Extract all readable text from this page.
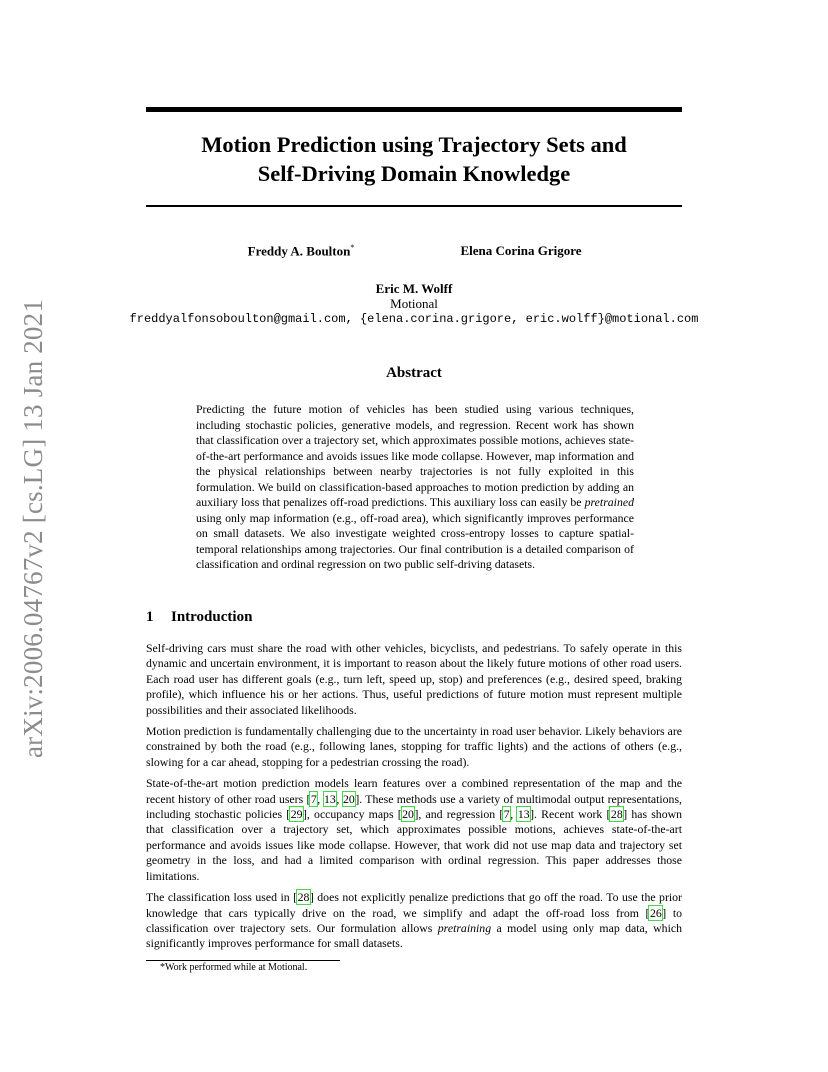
arXiv:2006.04767v2 [cs.LG] 13 Jan 2021
Motion Prediction using Trajectory Sets and
Self-Driving Domain Knowledge
Freddy A. Boulton*	Elena Corina Grigore
Eric M. Wolff
Motional
freddyalfonsoboulton@gmail.com, {elena.corina.grigore, eric.wolff}@motional.com
Abstract
Predicting the future motion of vehicles has been studied using various techniques, including stochastic policies, generative models, and regression. Recent work has shown that classification over a trajectory set, which approximates possible motions, achieves state-of-the-art performance and avoids issues like mode collapse. However, map information and the physical relationships between nearby trajectories is not fully exploited in this formulation. We build on classification-based approaches to motion prediction by adding an auxiliary loss that penalizes off-road predictions. This auxiliary loss can easily be pretrained using only map information (e.g., off-road area), which significantly improves performance on small datasets. We also investigate weighted cross-entropy losses to capture spatial-temporal relationships among trajectories. Our final contribution is a detailed comparison of classification and ordinal regression on two public self-driving datasets.
1 Introduction

Self-driving cars must share the road with other vehicles, bicyclists, and pedestrians. To safely operate in this dynamic and uncertain environment, it is important to reason about the likely future motions of other road users. Each road user has different goals (e.g., turn left, speed up, stop) and preferences (e.g., desired speed, braking profile), which influence his or her actions. Thus, useful predictions of future motion must represent multiple possibilities and their associated likelihoods.

Motion prediction is fundamentally challenging due to the uncertainty in road user behavior. Likely behaviors are constrained by both the road (e.g., following lanes, stopping for traffic lights) and the actions of others (e.g., slowing for a car ahead, stopping for a pedestrian crossing the road).

State-of-the-art motion prediction models learn features over a combined representation of the map and the recent history of other road users [7, 13, 20]. These methods use a variety of multimodal output representations, including stochastic policies [29], occupancy maps [20], and regression [7, 13]. Recent work [28] has shown that classification over a trajectory set, which approximates possible motions, achieves state-of-the-art performance and avoids issues like mode collapse. However, that work did not use map data and trajectory set geometry in the loss, and had a limited comparison with ordinal regression. This paper addresses those limitations.

The classification loss used in [28] does not explicitly penalize predictions that go off the road. To use the prior knowledge that cars typically drive on the road, we simplify and adapt the off-road loss from [26] to classification over trajectory sets. Our formulation allows pretraining a model using only map data, which significantly improves performance for small datasets.

*Work performed while at Motional.
